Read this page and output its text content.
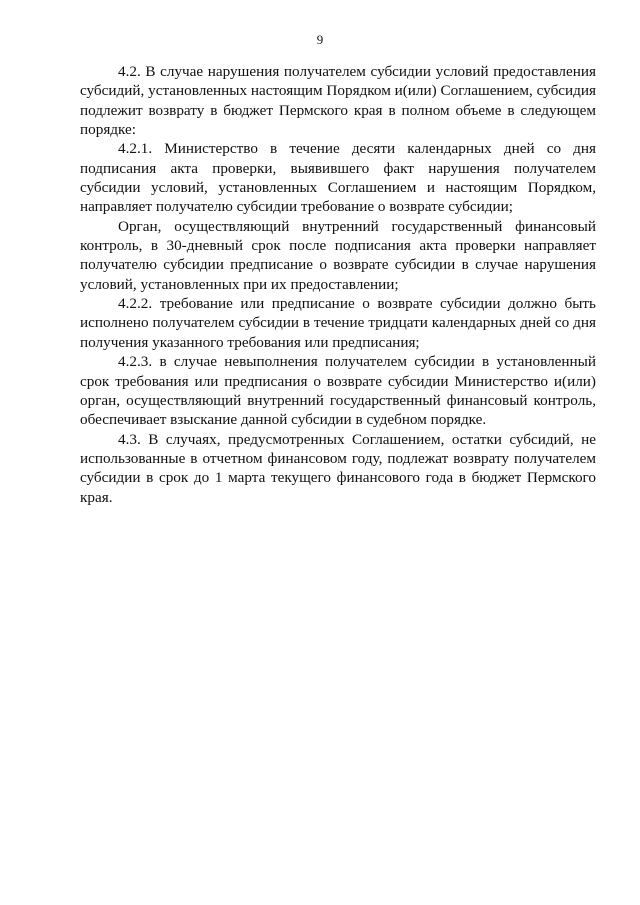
9

4.2. В случае нарушения получателем субсидии условий предоставления субсидий, установленных настоящим Порядком и(или) Соглашением, субсидия подлежит возврату в бюджет Пермского края в полном объеме в следующем порядке:

4.2.1. Министерство в течение десяти календарных дней со дня подписания акта проверки, выявившего факт нарушения получателем субсидии условий, установленных Соглашением и настоящим Порядком, направляет получателю субсидии требование о возврате субсидии;

Орган, осуществляющий внутренний государственный финансовый контроль, в 30-дневный срок после подписания акта проверки направляет получателю субсидии предписание о возврате субсидии в случае нарушения условий, установленных при их предоставлении;

4.2.2. требование или предписание о возврате субсидии должно быть исполнено получателем субсидии в течение тридцати календарных дней со дня получения указанного требования или предписания;

4.2.3. в случае невыполнения получателем субсидии в установленный срок требования или предписания о возврате субсидии Министерство и(или) орган, осуществляющий внутренний государственный финансовый контроль, обеспечивает взыскание данной субсидии в судебном порядке.

4.3. В случаях, предусмотренных Соглашением, остатки субсидий, не использованные в отчетном финансовом году, подлежат возврату получателем субсидии в срок до 1 марта текущего финансового года в бюджет Пермского края.
